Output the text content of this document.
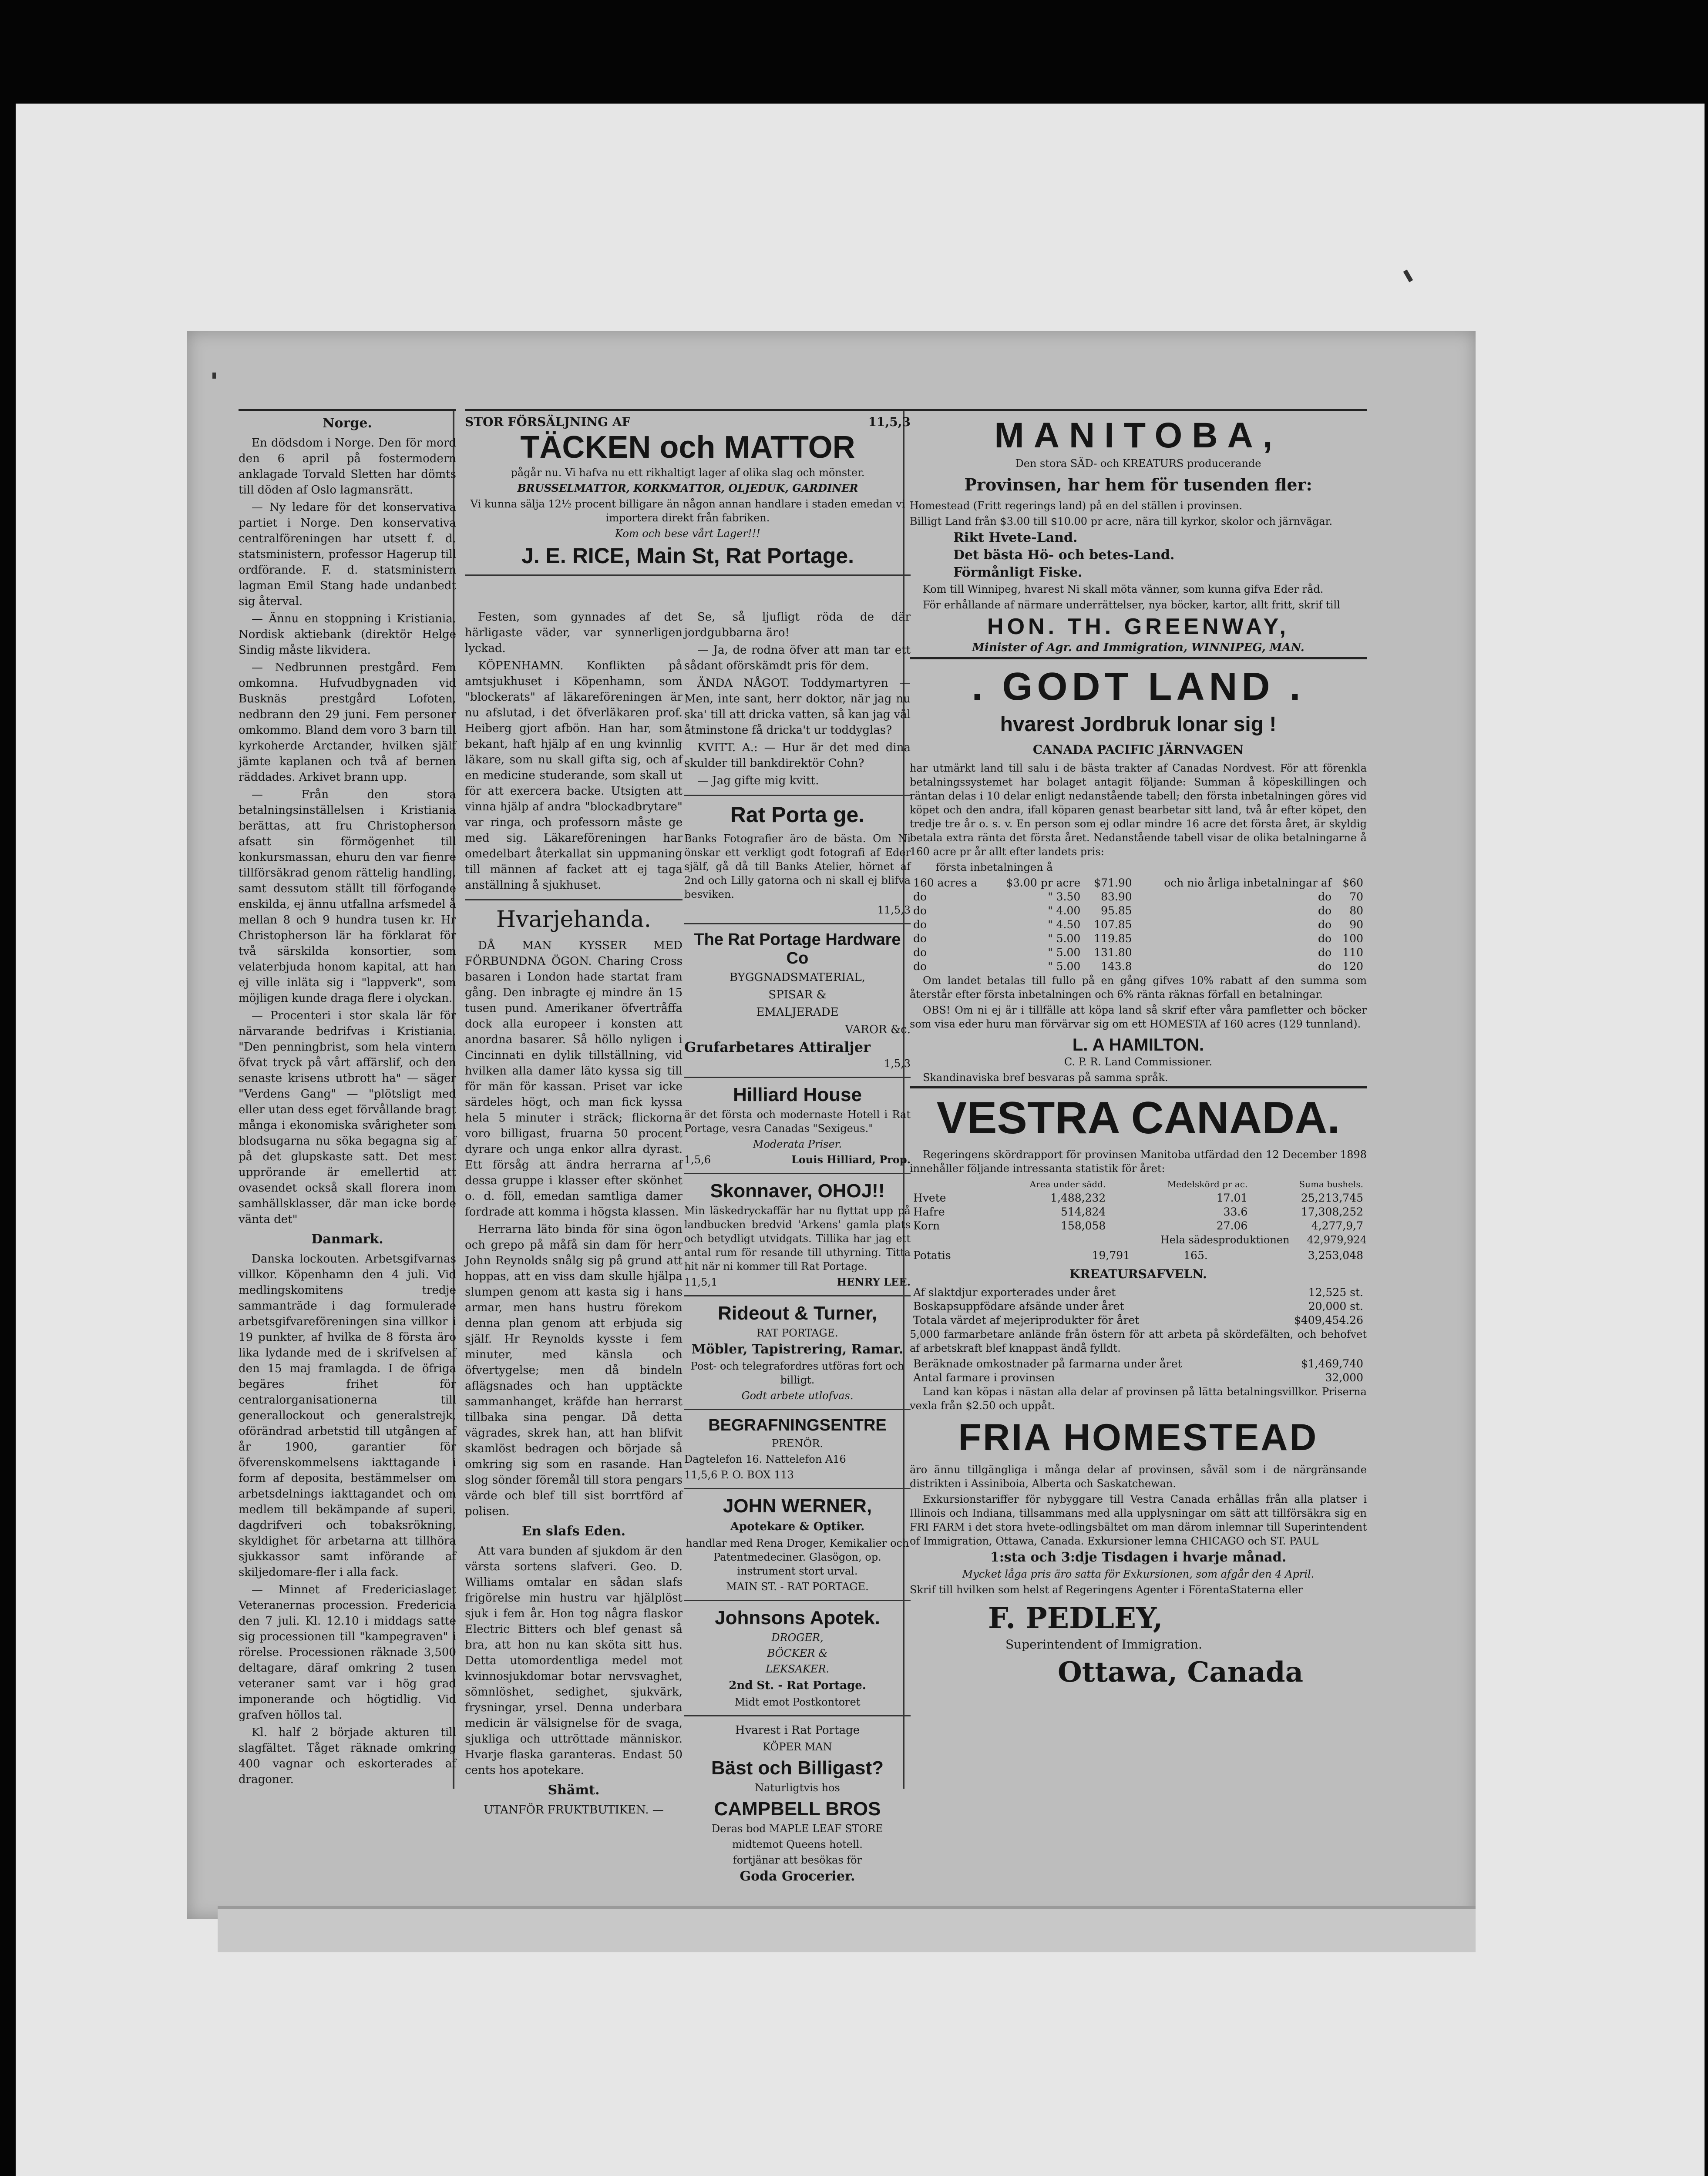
Norge.

En dödsdom i Norge. Den för mord den 6 april på fostermodern anklagade Torvald Sletten har dömts till döden af Oslo lagmansrätt.

— Ny ledare för det konservativa partiet i Norge. Den konservativa centralföreningen har utsett f. d. statsministern, professor Hagerup till ordförande. F. d. statsministern lagman Emil Stang hade undanbedt sig återval.

— Ännu en stoppning i Kristiania. Nordisk aktiebank (direktör Helge Sindig måste likvidera.

— Nedbrunnen prestgård. Fem omkomna. Hufvudbygnaden vid Busknäs prestgård Lofoten, nedbrann den 29 juni. Fem personer omkommo. Bland dem voro 3 barn till kyrkoherde Arctander, hvilken själf jämte kaplanen och två af bernen räddades. Arkivet brann upp.

— Från den stora betalningsinställelsen i Kristiania berättas, att fru Christopherson afsatt sin förmögenhet till konkursmassan, ehuru den var fienre tillförsäkrad genom rättelig handling, samt dessutom ställt till förfogande enskilda, ej ännu utfallna arfsmedel å mellan 8 och 9 hundra tusen kr. Hr Christopherson lär ha förklarat för två särskilda konsortier, som velaterbjuda honom kapital, att han ej ville inläta sig i "lappverk", som möjligen kunde draga flere i olyckan.

— Procenteri i stor skala lär för närvarande bedrifvas i Kristiania. "Den penningbrist, som hela vintern öfvat tryck på vårt affärslif, och den senaste krisens utbrott ha" — säger "Verdens Gang" — "plötsligt med eller utan dess eget förvållande bragt många i ekonomiska svårigheter som blodsugarna nu söka begagna sig af på det glupskaste satt. Det mest upprörande är emellertid att ovasendet också skall florera inom samhällsklasser, där man icke borde vänta det"

Danmark.

Danska lockouten. Arbetsgifvarnas villkor. Köpenhamn den 4 juli. Vid medlingskomitens tredje sammanträde i dag formulerade arbetsgifvareföreningen sina villkor i 19 punkter, af hvilka de 8 första äro lika lydande med de i skrifvelsen af den 15 maj framlagda. I de öfriga begäres frihet för centralorganisationerna till generallockout och generalstrejk, oförändrad arbetstid till utgången af år 1900, garantier för öfverenskommelsens iakttagande i form af deposita, bestämmelser om arbetsdelnings iakttagandet och om medlem till bekämpande af superi, dagdrifveri och tobaksrökning, skyldighet för arbetarna att tillhöra sjukkassor samt införande af skiljedomare-fler i alla fack.

— Minnet af Fredericiaslaget Veteranernas procession. Fredericia den 7 juli. Kl. 12.10 i middags satte sig processionen till "kampegraven" i rörelse. Processionen räknade 3,500 deltagare, däraf omkring 2 tusen veteraner samt var i hög grad imponerande och högtidlig. Vid grafven höllos tal.

Kl. half 2 började akturen till slagfältet. Tåget räknade omkring 400 vagnar och eskorterades af dragoner.

STOR FÖRSÄLJNING AF	11,5,3
TÄCKEN och MATTOR

pågår nu. Vi hafva nu ett rikhaltigt lager af olika slag och mönster.

BRUSSELMATTOR, KORKMATTOR, OLJEDUK, GARDINER

Vi kunna sälja 12½ procent billigare än någon annan handlare i staden emedan vi importera direkt från fabriken.

Kom och bese vårt Lager!!!

J. E. RICE, Main St, Rat Portage.

Festen, som gynnades af det härligaste väder, var synnerligen lyckad.

KÖPENHAMN. Konflikten på amtsjukhuset i Köpenhamn, som "blockerats" af läkareföreningen är nu afslutad, i det öfverläkaren prof. Heiberg gjort afbön. Han har, som bekant, haft hjälp af en ung kvinnlig läkare, som nu skall gifta sig, och af en medicine studerande, som skall ut för att exercera backe. Utsigten att vinna hjälp af andra "blockadbrytare" var ringa, och professorn måste ge med sig. Läkareföreningen har omedelbart återkallat sin uppmaning till männen af facket att ej taga anställning å sjukhuset.

Hvarjehanda.

DÅ MAN KYSSER MED FÖRBUNDNA ÖGON. Charing Cross basaren i London hade startat fram gång. Den inbragte ej mindre än 15 tusen pund. Amerikaner öfvertråffa dock alla europeer i konsten att anordna basarer. Så höllo nyligen i Cincinnati en dylik tillställning, vid hvilken alla damer läto kyssa sig till för män för kassan. Priset var icke särdeles högt, och man fick kyssa hela 5 minuter i sträck; flickorna voro billigast, fruarna 50 procent dyrare och unga enkor allra dyrast. Ett försåg att ändra herrarna af dessa gruppe i klasser efter skönhet o. d. föll, emedan samtliga damer fordrade att komma i högsta klassen.

Herrarna läto binda för sina ögon och grepo på måfå sin dam för herr John Reynolds snålg sig på grund att hoppas, att en viss dam skulle hjälpa slumpen genom att kasta sig i hans armar, men hans hustru förekom denna plan genom att erbjuda sig själf. Hr Reynolds kysste i fem minuter, med känsla och öfvertygelse; men då bindeln aflägsnades och han upptäckte sammanhanget, kräfde han herrarst tillbaka sina pengar. Då detta vägrades, skrek han, att han blifvit skamlöst bedragen och började så omkring sig som en rasande. Han slog sönder föremål till stora pengars värde och blef till sist borrtförd af polisen.

En slafs Eden.

Att vara bunden af sjukdom är den värsta sortens slafveri. Geo. D. Williams omtalar en sådan slafs frigörelse min hustru var hjälplöst sjuk i fem år. Hon tog några flaskor Electric Bitters och blef genast så bra, att hon nu kan sköta sitt hus. Detta utomordentliga medel mot kvinnosjukdomar botar nervsvaghet, sömnlöshet, sedighet, sjukvärk, frysningar, yrsel. Denna underbara medicin är välsignelse för de svaga, sjukliga och uttröttade människor. Hvarje flaska garanteras. Endast 50 cents hos apotekare.

Shämt.

UTANFÖR FRUKTBUTIKEN. —

Se, så ljufligt röda de där jordgubbarna äro!

— Ja, de rodna öfver att man tar ett sådant oförskämdt pris för dem.

ÄNDA NÅGOT. Toddymartyren — Men, inte sant, herr doktor, när jag nu ska' till att dricka vatten, så kan jag väl åtminstone få dricka't ur toddyglas?

KVITT. A.: — Hur är det med dina skulder till bankdirektör Cohn?

— Jag gifte mig kvitt.

Rat Porta ge.

Banks Fotografier äro de bästa. Om Ni önskar ett verkligt godt fotografi af Eder själf, gå då till Banks Atelier, hörnet af 2nd och Lilly gatorna och ni skall ej blifva besviken.

11,5,3

The Rat Portage Hardware Co

BYGGNADSMATERIAL,

SPISAR &

EMALJERADE

VAROR &c.

Grufarbetares Attiraljer

1,5,3

Hilliard House

är det första och modernaste Hotell i Rat Portage, vesra Canadas "Sexigeus."

Moderata Priser.

1,5,6	Louis Hilliard, Prop.
Skonnaver, OHOJ!!

Min läskedryckaffär har nu flyttat upp på landbucken bredvid 'Arkens' gamla plats och betydligt utvidgats. Tillika har jag ett antal rum för resande till uthyrning. Titta hit när ni kommer till Rat Portage.

11,5,1	HENRY LEE.
Rideout & Turner,

RAT PORTAGE.

Möbler, Tapistrering, Ramar.

Post- och telegrafordres utföras fort och billigt.

Godt arbete utlofvas.

BEGRAFNINGSENTRE

PRENÖR.

Dagtelefon 16. Nattelefon A16

11,5,6 P. O. BOX 113

JOHN WERNER,

Apotekare & Optiker.

handlar med Rena Droger, Kemikalier och Patentmedeciner. Glasögon, op. instrument stort urval.

MAIN ST. - RAT PORTAGE.

Johnsons Apotek.

DROGER,

BÖCKER &

LEKSAKER.

2nd St. - Rat Portage.

Midt emot Postkontoret

Hvarest i Rat Portage

KÖPER MAN

Bäst och Billigast?

Naturligtvis hos

CAMPBELL BROS

Deras bod MAPLE LEAF STORE

midtemot Queens hotell.

fortjänar att besökas för

Goda Grocerier.

MANITOBA,

Den stora SÄD- och KREATURS producerande

Provinsen, har hem för tusenden fler:

Homestead (Fritt regerings land) på en del ställen i provinsen.

Billigt Land från $3.00 till $10.00 pr acre, nära till kyrkor, skolor och järnvägar.

Rikt Hvete-Land.

Det bästa Hö- och betes-Land.

Förmånligt Fiske.

Kom till Winnipeg, hvarest Ni skall möta vänner, som kunna gifva Eder råd.

För erhållande af närmare underrättelser, nya böcker, kartor, allt fritt, skrif till

HON. TH. GREENWAY,

Minister of Agr. and Immigration, WINNIPEG, MAN.

. GODT LAND .
hvarest Jordbruk lonar sig !
CANADA PACIFIC JÄRNVAGEN

har utmärkt land till salu i de bästa trakter af Canadas Nordvest. För att förenkla betalningssystemet har bolaget antagit följande: Summan å köpeskillingen och räntan delas i 10 delar enligt nedanstående tabell; den första inbetalningen göres vid köpet och den andra, ifall köparen genast bearbetar sitt land, två år efter köpet, den tredje tre år o. s. v. En person som ej odlar mindre 16 acre det första året, är skyldig betala extra ränta det första året. Nedanstående tabell visar de olika betalningarne å 160 acre pr år allt efter landets pris:

första inbetalningen å

160 acres a	$3.00 pr acre	$71.90	och nio årliga inbetalningar af	$60
do	" 3.50	83.90	do	70
do	" 4.00	95.85	do	80
do	" 4.50	107.85	do	90
do	" 5.00	119.85	do	100
do	" 5.00	131.80	do	110
do	" 5.00	143.8	do	120

Om landet betalas till fullo på en gång gifves 10% rabatt af den summa som återstår efter första inbetalningen och 6% ränta räknas förfall en betalningar.

OBS! Om ni ej är i tillfälle att köpa land så skrif efter våra pamfletter och böcker som visa eder huru man förvärvar sig om ett HOMESTA af 160 acres (129 tunnland).

L. A HAMILTON.

C. P. R. Land Commissioner.

Skandinaviska bref besvaras på samma språk.

VESTRA CANADA.

Regeringens skördrapport för provinsen Manitoba utfärdad den 12 December 1898 innehåller följande intressanta statistik för året:

	Area under sädd.	Medelskörd pr ac.	Suma bushels.
Hvete	1,488,232	17.01	25,213,745
Hafre	514,824	33.6	17,308,252
Korn	158,058	27.06	4,277,9,7
Hela sädesproduktionen 42,979,924
Potatis	19,791	165.	3,253,048
KREATURSAFVELN.
Af slaktdjur exporterades under året	12,525 st.
Boskapsuppfödare afsände under året	20,000 st.
Totala värdet af mejeriprodukter för året	$409,454.26

5,000 farmarbetare anlände från östern för att arbeta på skördefälten, och behofvet af arbetskraft blef knappast ändå fylldt.

Beräknade omkostnader på farmarna under året	$1,469,740
Antal farmare i provinsen	32,000

Land kan köpas i nästan alla delar af provinsen på lätta betalningsvillkor. Priserna vexla från $2.50 och uppåt.

FRIA HOMESTEAD

äro ännu tillgängliga i många delar af provinsen, såväl som i de närgränsande distrikten i Assiniboia, Alberta och Saskatchewan.

Exkursionstariffer för nybyggare till Vestra Canada erhållas från alla platser i Illinois och Indiana, tillsammans med alla upplysningar om sätt att tillförsäkra sig en FRI FARM i det stora hvete-odlingsbältet om man därom inlemnar till Superintendent of Immigration, Ottawa, Canada. Exkursioner lemna CHICAGO och ST. PAUL

1:sta och 3:dje Tisdagen i hvarje månad.

Mycket låga pris äro satta för Exkursionen, som afgår den 4 April.

Skrif till hvilken som helst af Regeringens Agenter i FörentaStaterna eller

F. PEDLEY,

Superintendent of Immigration.

Ottawa, Canada
